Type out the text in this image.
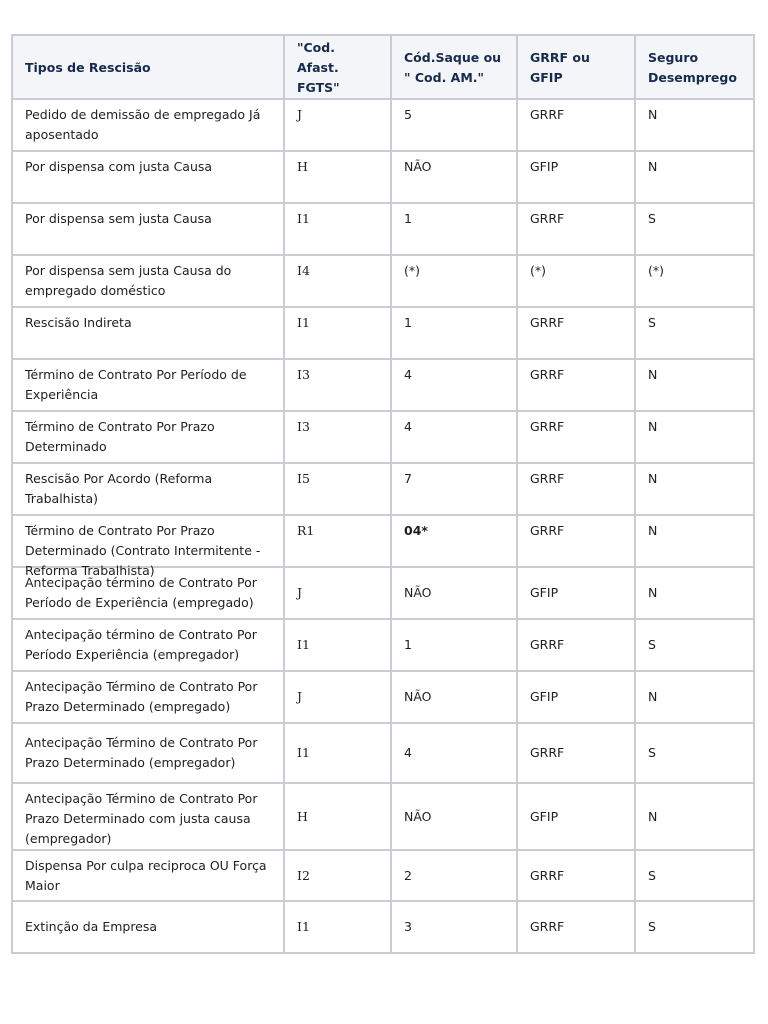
Tipos de Rescisão	"Cod. Afast. FGTS"	Cód.Saque ou " Cod. AM."	GRRF ou GFIP	Seguro Desemprego
Pedido de demissão de empregado Já aposentado	J	5	GRRF	N
Por dispensa com justa Causa	H	NÃO	GFIP	N
Por dispensa sem justa Causa	I1	1	GRRF	S
Por dispensa sem justa Causa do empregado doméstico	I4	(*)	(*)	(*)
Rescisão Indireta	I1	1	GRRF	S
Término de Contrato Por Período de Experiência	I3	4	GRRF	N
Término de Contrato Por Prazo Determinado	I3	4	GRRF	N
Rescisão Por Acordo (Reforma Trabalhista)	I5	7	GRRF	N

Término de Contrato Por Prazo Determinado (Contrato Intermitente - Reforma Trabalhista)	R1	04*	GRRF	N
Antecipação término de Contrato Por Período de Experiência (empregado)	J	NÃO	GFIP	N
Antecipação término de Contrato Por Período Experiência (empregador)	I1	1	GRRF	S
Antecipação Término de Contrato Por Prazo Determinado (empregado)	J	NÃO	GFIP	N
Antecipação Término de Contrato Por Prazo Determinado (empregador)	I1	4	GRRF	S
Antecipação Término de Contrato Por Prazo Determinado com justa causa (empregador)	H	NÃO	GFIP	N
Dispensa Por culpa reciproca OU Força Maior	I2	2	GRRF	S
Extinção da Empresa	I1	3	GRRF	S
